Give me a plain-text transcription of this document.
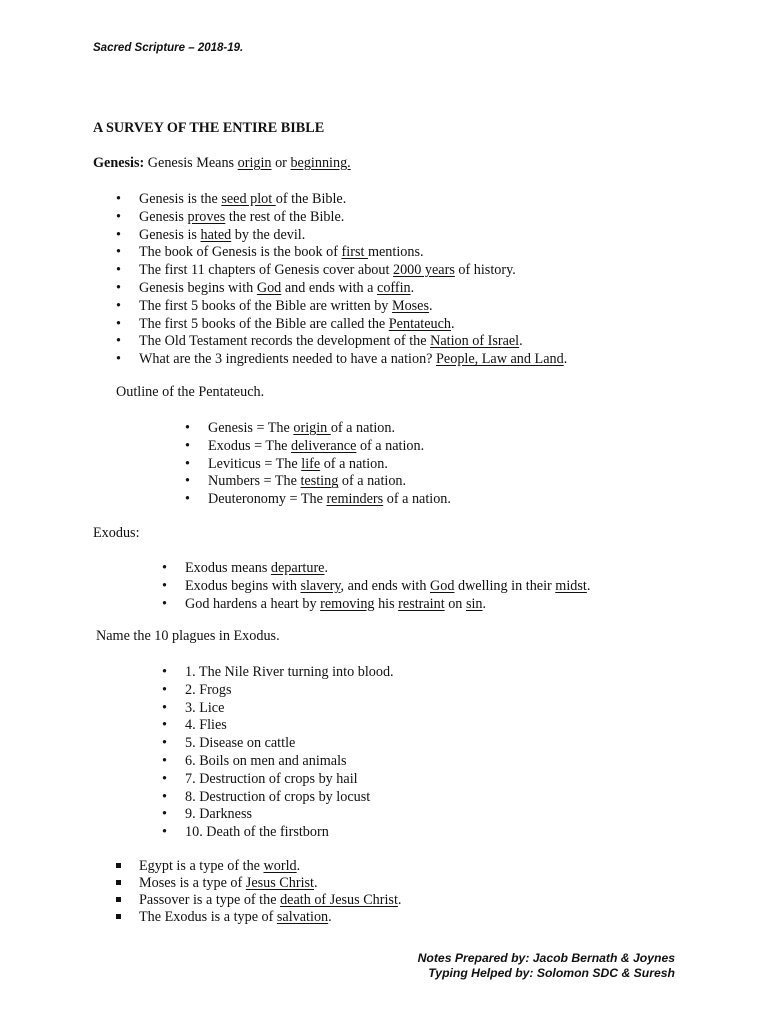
Sacred Scripture – 2018-19.
A SURVEY OF THE ENTIRE BIBLE
Genesis: Genesis Means origin or beginning.
• Genesis is the seed plot of the Bible.
• Genesis proves the rest of the Bible.
• Genesis is hated by the devil.
• The book of Genesis is the book of first mentions.
• The first 11 chapters of Genesis cover about 2000 years of history.
• Genesis begins with God and ends with a coffin.
• The first 5 books of the Bible are written by Moses.
• The first 5 books of the Bible are called the Pentateuch.
• The Old Testament records the development of the Nation of Israel.
• What are the 3 ingredients needed to have a nation? People, Law and Land.
Outline of the Pentateuch.
• Genesis = The origin of a nation.
• Exodus = The deliverance of a nation.
• Leviticus = The life of a nation.
• Numbers = The testing of a nation.
• Deuteronomy = The reminders of a nation.
Exodus:
• Exodus means departure.
• Exodus begins with slavery, and ends with God dwelling in their midst.
• God hardens a heart by removing his restraint on sin.
Name the 10 plagues in Exodus.
• 1. The Nile River turning into blood.
• 2. Frogs
• 3. Lice
• 4. Flies
• 5. Disease on cattle
• 6. Boils on men and animals
• 7. Destruction of crops by hail
• 8. Destruction of crops by locust
• 9. Darkness
• 10. Death of the firstborn
Egypt is a type of the world.
Moses is a type of Jesus Christ.
Passover is a type of the death of Jesus Christ.
The Exodus is a type of salvation.
Notes Prepared by: Jacob Bernath & Joynes
Typing Helped by: Solomon SDC & Suresh
